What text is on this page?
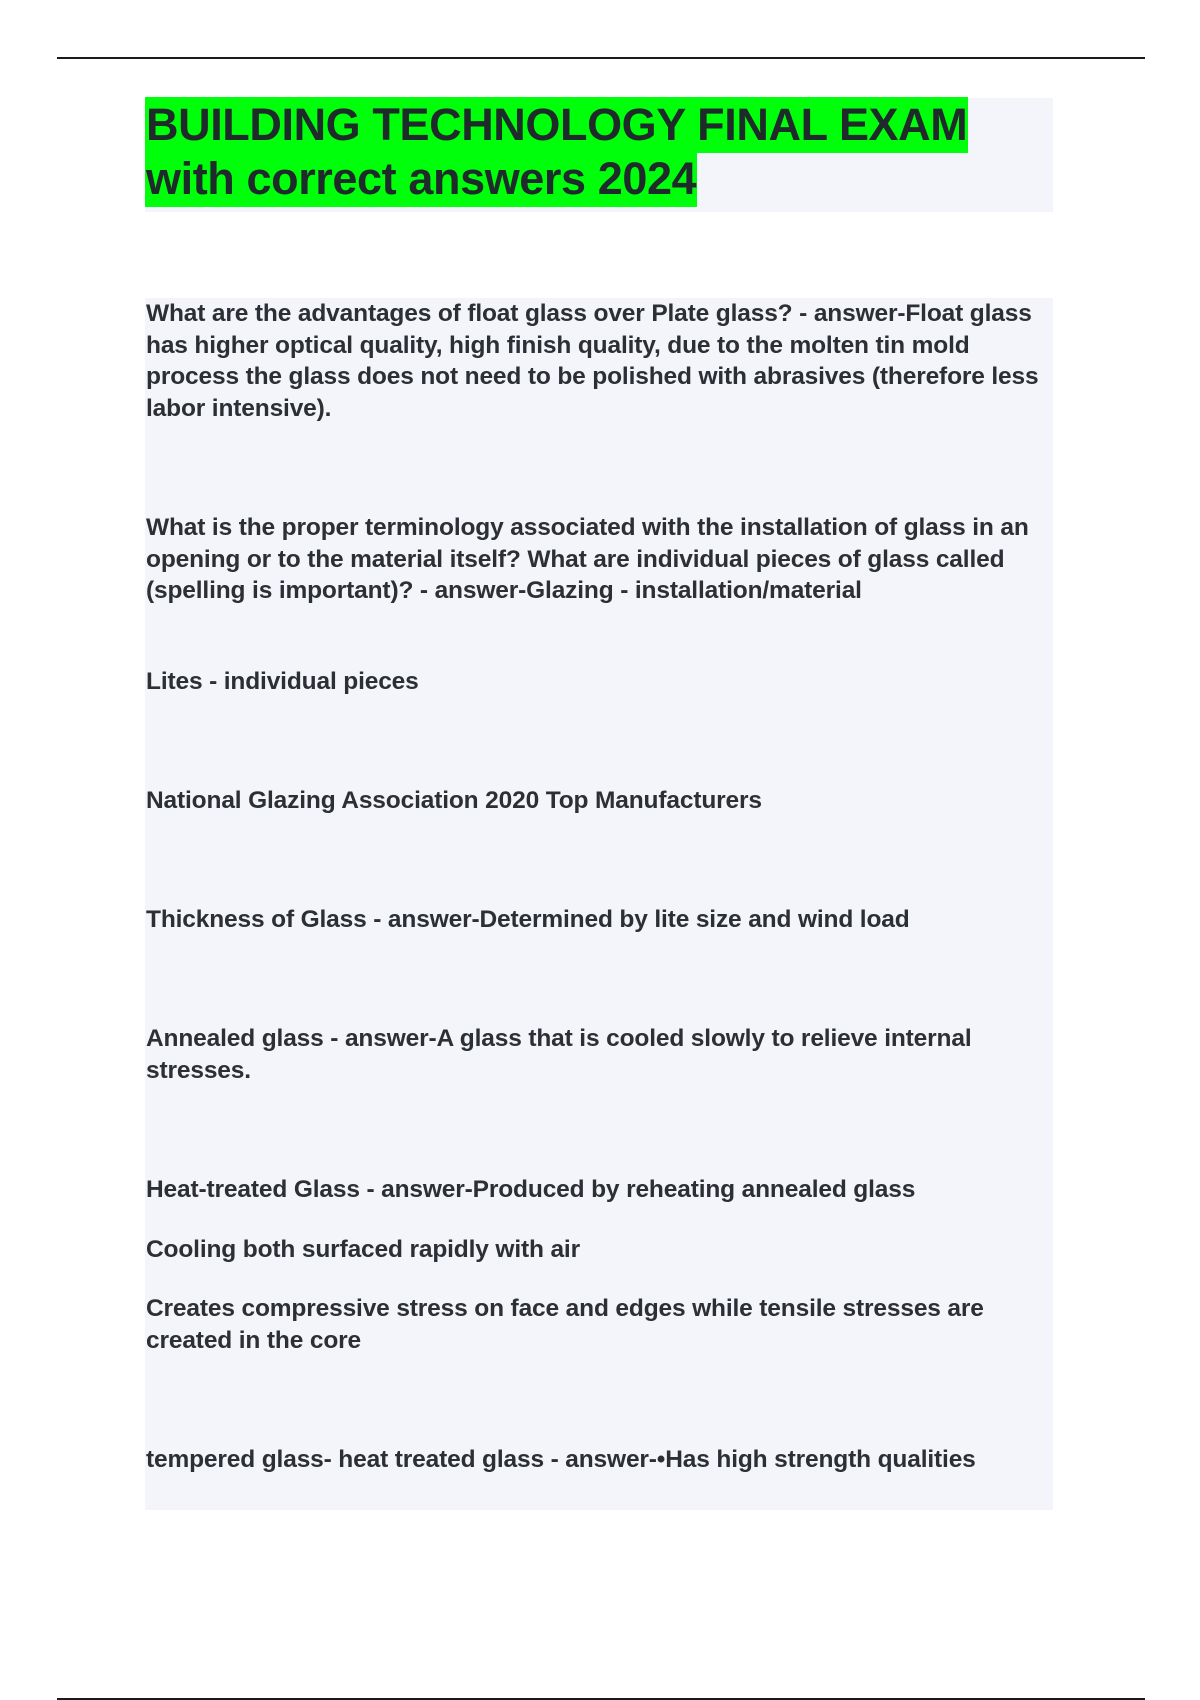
BUILDING TECHNOLOGY FINAL EXAM
with correct answers 2024

What are the advantages of float glass over Plate glass? - answer-Float glass has higher optical quality, high finish quality, due to the molten tin mold process the glass does not need to be polished with abrasives (therefore less labor intensive).

What is the proper terminology associated with the installation of glass in an opening or to the material itself? What are individual pieces of glass called (spelling is important)? - answer-Glazing - installation/material

Lites - individual pieces

National Glazing Association 2020 Top Manufacturers

Thickness of Glass - answer-Determined by lite size and wind load

Annealed glass - answer-A glass that is cooled slowly to relieve internal stresses.

Heat-treated Glass - answer-Produced by reheating annealed glass

Cooling both surfaced rapidly with air

Creates compressive stress on face and edges while tensile stresses are created in the core

tempered glass- heat treated glass - answer-•Has high strength qualities
